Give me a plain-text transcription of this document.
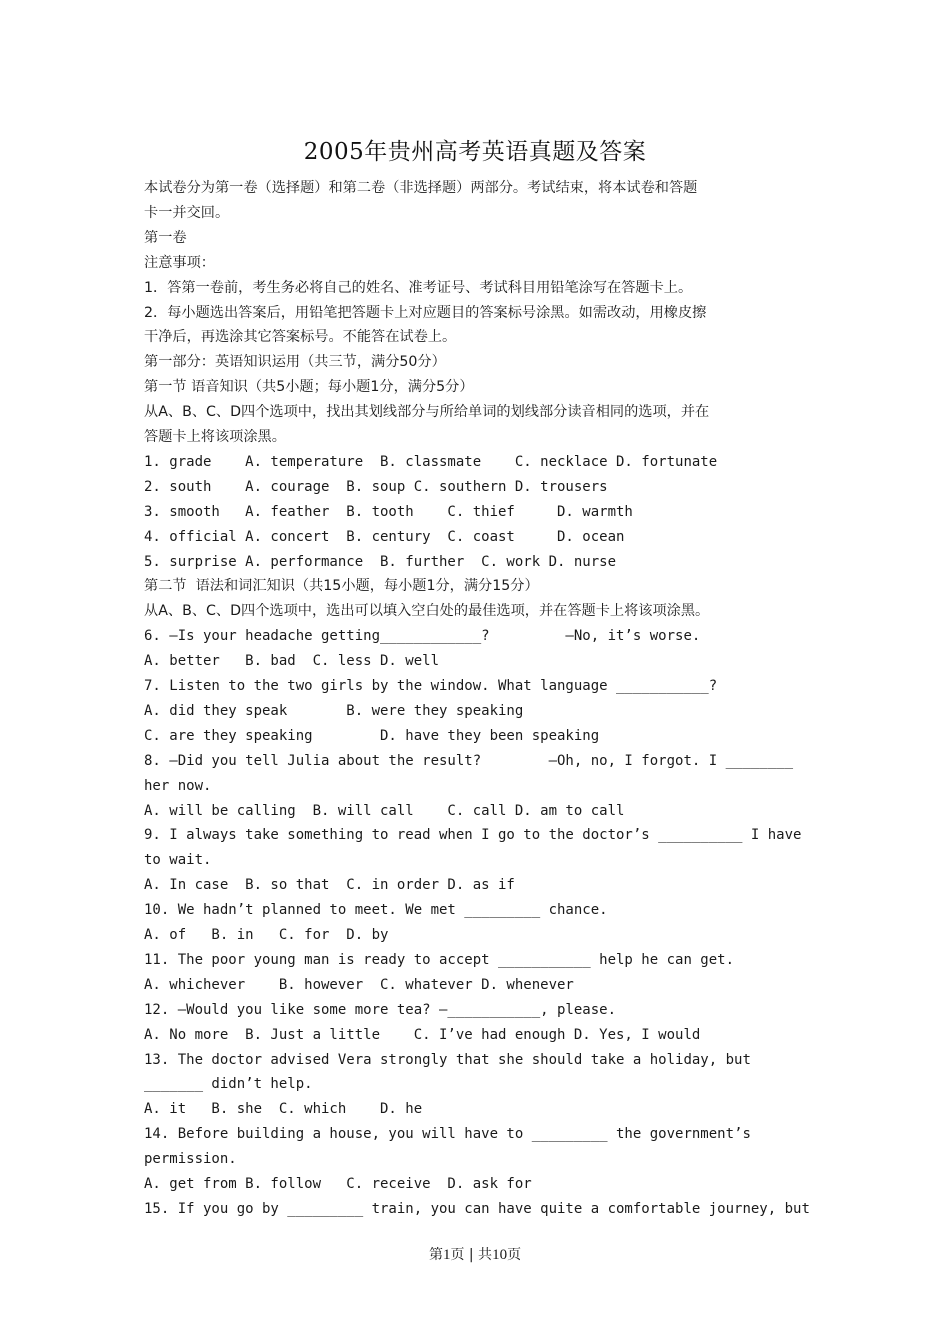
2005年贵州高考英语真题及答案
本试卷分为第一卷（选择题）和第二卷（非选择题）两部分。考试结束，将本试卷和答题
卡一并交回。
第一卷
注意事项：
1．答第一卷前，考生务必将自己的姓名、准考证号、考试科目用铅笔涂写在答题卡上。
2．每小题选出答案后，用铅笔把答题卡上对应题目的答案标号涂黑。如需改动，用橡皮擦
干净后，再选涂其它答案标号。不能答在试卷上。
第一部分：英语知识运用（共三节，满分50分）
第一节 语音知识（共5小题；每小题1分，满分5分）
从A、B、C、D四个选项中，找出其划线部分与所给单词的划线部分读音相同的选项，并在
答题卡上将该项涂黑。
1. grade    A. temperature  B. classmate    C. necklace D. fortunate
2. south    A. courage  B. soup C. southern D. trousers
3. smooth   A. feather  B. tooth    C. thief     D. warmth
4. official A. concert  B. century  C. coast     D. ocean
5. surprise A. performance  B. further  C. work D. nurse
第二节  语法和词汇知识（共15小题，每小题1分，满分15分）
从A、B、C、D四个选项中，选出可以填入空白处的最佳选项，并在答题卡上将该项涂黑。
6. —Is your headache getting____________?         —No, it’s worse.
A. better   B. bad  C. less D. well
7. Listen to the two girls by the window. What language ___________?
A. did they speak       B. were they speaking
C. are they speaking        D. have they been speaking
8. —Did you tell Julia about the result?        —Oh, no, I forgot. I ________
her now.
A. will be calling  B. will call    C. call D. am to call
9. I always take something to read when I go to the doctor’s __________ I have
to wait.
A. In case  B. so that  C. in order D. as if
10. We hadn’t planned to meet. We met _________ chance.
A. of   B. in   C. for  D. by
11. The poor young man is ready to accept ___________ help he can get.
A. whichever    B. however  C. whatever D. whenever
12. —Would you like some more tea? —___________, please.
A. No more  B. Just a little    C. I’ve had enough D. Yes, I would
13. The doctor advised Vera strongly that she should take a holiday, but
_______ didn’t help.
A. it   B. she  C. which    D. he
14. Before building a house, you will have to _________ the government’s
permission.
A. get from B. follow   C. receive  D. ask for
15. If you go by _________ train, you can have quite a comfortable journey, but
第1页 | 共10页
